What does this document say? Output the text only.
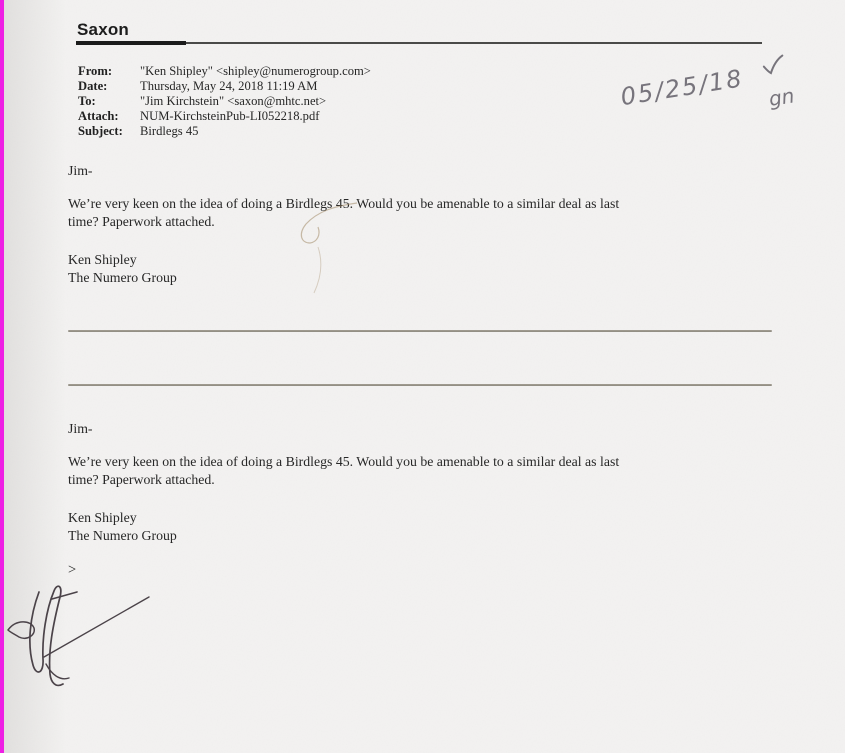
Saxon
From:	"Ken Shipley" <shipley@numerogroup.com>
Date:	Thursday, May 24, 2018 11:19 AM
To:	"Jim Kirchstein" <saxon@mhtc.net>
Attach:	NUM-KirchsteinPub-LI052218.pdf
Subject:	Birdlegs 45
Jim-
We’re very keen on the idea of doing a Birdlegs 45. Would you be amenable to a similar deal as last
time? Paperwork attached.
Ken Shipley
The Numero Group
Jim-
We’re very keen on the idea of doing a Birdlegs 45. Would you be amenable to a similar deal as last
time? Paperwork attached.
Ken Shipley
The Numero Group
>
05/25/18 gn
